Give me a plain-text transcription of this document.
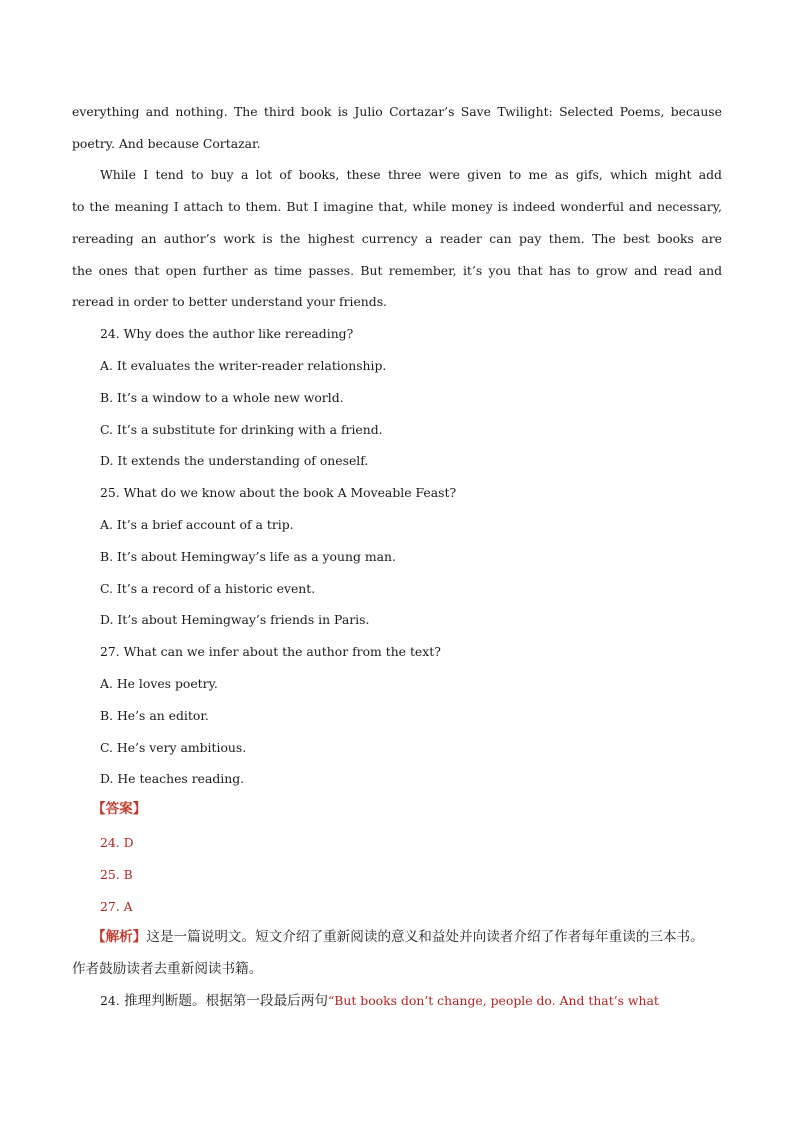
everything and nothing. The third book is Julio Cortazar’s Save Twilight: Selected Poems, because
poetry. And because Cortazar.
While I tend to buy a lot of books, these three were given to me as gifs, which might add
to the meaning I attach to them. But I imagine that, while money is indeed wonderful and necessary,
rereading an author’s work is the highest currency a reader can pay them. The best books are
the ones that open further as time passes. But remember, it’s you that has to grow and read and
reread in order to better understand your friends.
24. Why does the author like rereading?
A. It evaluates the writer-reader relationship.
B. It’s a window to a whole new world.
C. It’s a substitute for drinking with a friend.
D. It extends the understanding of oneself.
25. What do we know about the book A Moveable Feast?
A. It’s a brief account of a trip.
B. It’s about Hemingway’s life as a young man.
C. It’s a record of a historic event.
D. It’s about Hemingway’s friends in Paris.
27. What can we infer about the author from the text?
A. He loves poetry.
B. He’s an editor.
C. He’s very ambitious.
D. He teaches reading.
【答案】
24. D
25. B
27. A
【解析】这是一篇说明文。短文介绍了重新阅读的意义和益处并向读者介绍了作者每年重读的三本书。
作者鼓励读者去重新阅读书籍。
24. 推理判断题。根据第一段最后两句“But books don’t change, people do. And that’s what
